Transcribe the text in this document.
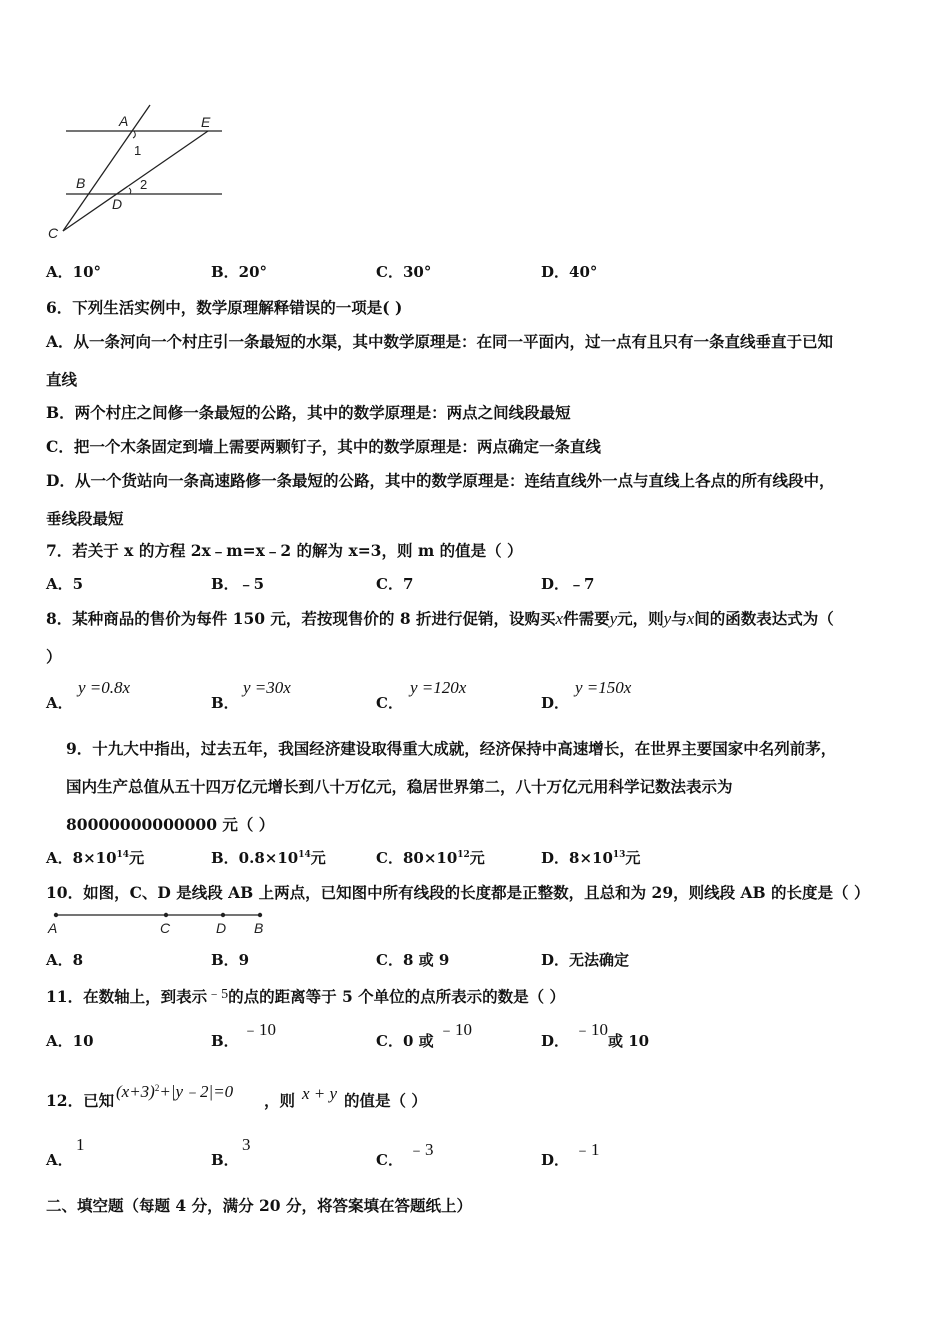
A	E
1
B	2
D
C
A．10°	B．20°	C．30°	D．40°
6．下列生活实例中，数学原理解释错误的一项是( )
A．从一条河向一个村庄引一条最短的水渠，其中数学原理是：在同一平面内，过一点有且只有一条直线垂直于已知
直线
B．两个村庄之间修一条最短的公路，其中的数学原理是：两点之间线段最短
C．把一个木条固定到墙上需要两颗钉子，其中的数学原理是：两点确定一条直线
D．从一个货站向一条高速路修一条最短的公路，其中的数学原理是：连结直线外一点与直线上各点的所有线段中，
垂线段最短
7．若关于 x 的方程 2x﹣m=x﹣2 的解为 x=3，则 m 的值是（ ）
A．5	B．﹣5	C．7	D．﹣7
8．某种商品的售价为每件 150 元，若按现售价的 8 折进行促销，设购买x件需要y元，则y与x间的函数表达式为（
）
A．
y =0.8x
B．
y =30x
C．
y =120x
D．
y =150x
9．十九大中指出，过去五年，我国经济建设取得重大成就，经济保持中高速增长，在世界主要国家中名列前茅，
国内生产总值从五十四万亿元增长到八十万亿元，稳居世界第二，八十万亿元用科学记数法表示为
80000000000000 元（ ）
A．$8\times 10^{14}$元	B．$0.8\times 10^{14}$元	C．$80\times 10^{12}$元	D．$8\times 10^{13}$元
10．如图，C、D 是线段 AB 上两点，已知图中所有线段的长度都是正整数，且总和为 29，则线段 AB 的长度是（ ）
A	C	D B
A．8	B．9	C．8 或 9	D．无法确定
11．在数轴上，到表示﹣5的点的距离等于 5 个单位的点所表示的数是（ ）
A．10	B．
﹣10
C．0 或
﹣10
D．
﹣10
或 10
12．已知 $(x+3)^2+|y﹣2|=0$ ，则 x + y 的值是（ ）
A．
1
B．
3
C．
﹣3
D．
﹣1
二、填空题（每题 4 分，满分 20 分，将答案填在答题纸上）
